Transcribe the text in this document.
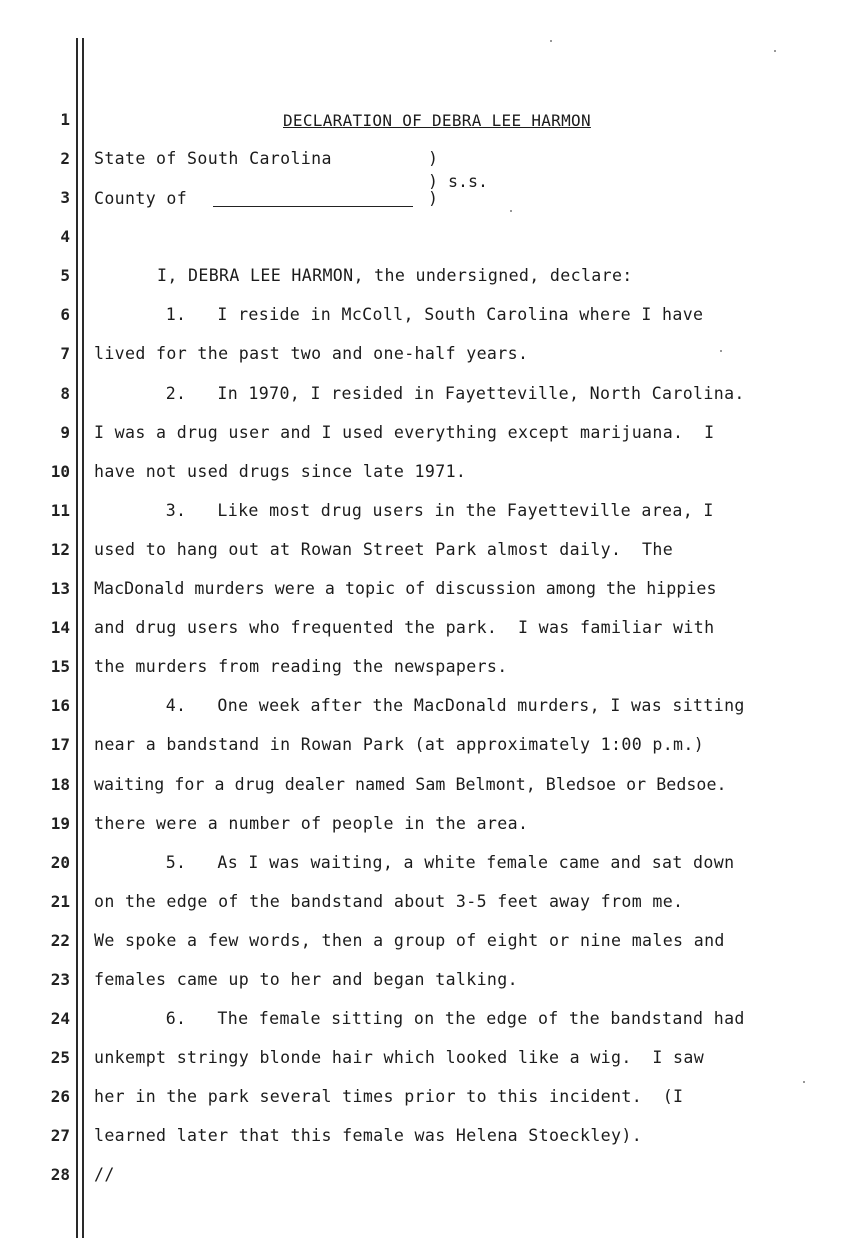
1
2
3
4
5
6
7
8
9
10
11
12
13
14
15
16
17
18
19
20
21
22
23
24
25
26
27
28
DECLARATION OF DEBRA LEE HARMON
State of South Carolina	)
) s.s.
County of	)
I, DEBRA LEE HARMON, the undersigned, declare:
1.   I reside in McColl, South Carolina where I have
lived for the past two and one-half years.
2.   In 1970, I resided in Fayetteville, North Carolina.
I was a drug user and I used everything except marijuana.  I
have not used drugs since late 1971.
3.   Like most drug users in the Fayetteville area, I
used to hang out at Rowan Street Park almost daily.  The
MacDonald murders were a topic of discussion among the hippies
and drug users who frequented the park.  I was familiar with
the murders from reading the newspapers.
4.   One week after the MacDonald murders, I was sitting
near a bandstand in Rowan Park (at approximately 1:00 p.m.)
waiting for a drug dealer named Sam Belmont, Bledsoe or Bedsoe.
there were a number of people in the area.
5.   As I was waiting, a white female came and sat down
on the edge of the bandstand about 3-5 feet away from me.
We spoke a few words, then a group of eight or nine males and
females came up to her and began talking.
6.   The female sitting on the edge of the bandstand had
unkempt stringy blonde hair which looked like a wig.  I saw
her in the park several times prior to this incident.  (I
learned later that this female was Helena Stoeckley).
//
